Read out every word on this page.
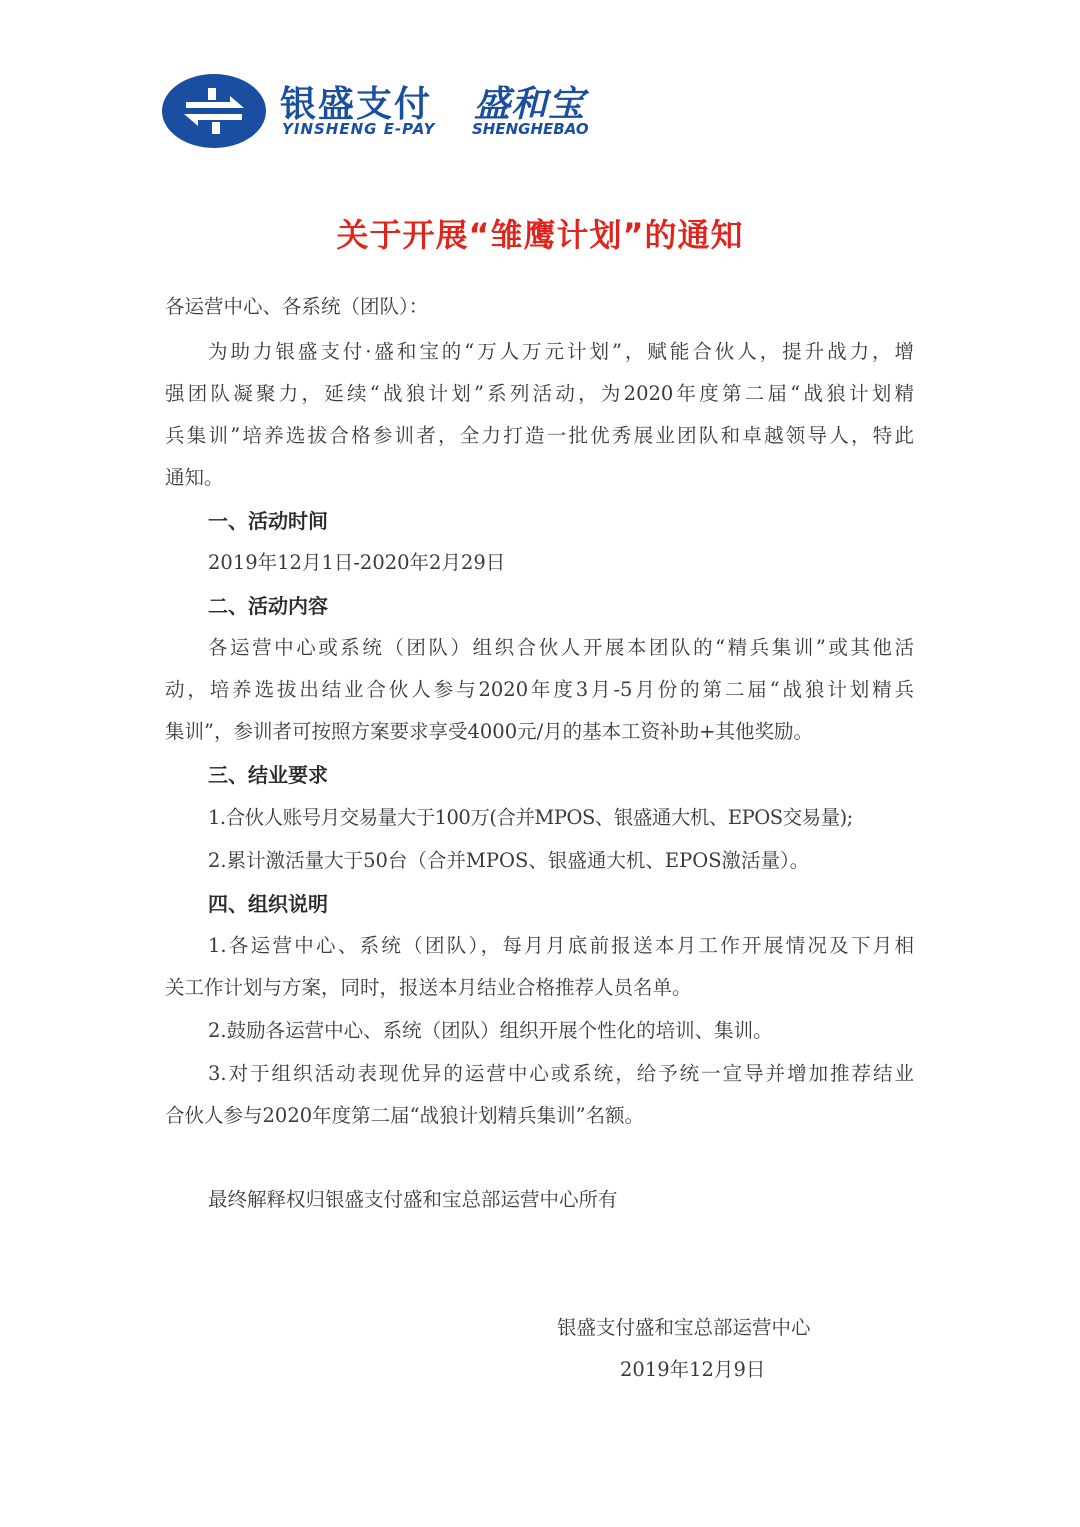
银盛支付
YINSHENG E-PAY
盛和宝
SHENGHEBAO
关于开展“雏鹰计划”的通知
各运营中心、各系统（团队）：
为助力银盛支付·盛和宝的“万人万元计划”，赋能合伙人，提升战力，增
强团队凝聚力，延续“战狼计划”系列活动，为2020年度第二届“战狼计划精
兵集训”培养选拔合格参训者，全力打造一批优秀展业团队和卓越领导人，特此
通知。
一、活动时间
2019年12月1日-2020年2月29日
二、活动内容
各运营中心或系统（团队）组织合伙人开展本团队的“精兵集训”或其他活
动，培养选拔出结业合伙人参与2020年度3月-5月份的第二届“战狼计划精兵
集训”，参训者可按照方案要求享受4000元/月的基本工资补助+其他奖励。
三、结业要求
1.合伙人账号月交易量大于100万(合并MPOS、银盛通大机、EPOS交易量);
2.累计激活量大于50台（合并MPOS、银盛通大机、EPOS激活量）。
四、组织说明
1.各运营中心、系统（团队），每月月底前报送本月工作开展情况及下月相
关工作计划与方案，同时，报送本月结业合格推荐人员名单。
2.鼓励各运营中心、系统（团队）组织开展个性化的培训、集训。
3.对于组织活动表现优异的运营中心或系统，给予统一宣导并增加推荐结业
合伙人参与2020年度第二届“战狼计划精兵集训”名额。
最终解释权归银盛支付盛和宝总部运营中心所有
银盛支付盛和宝总部运营中心
2019年12月9日
